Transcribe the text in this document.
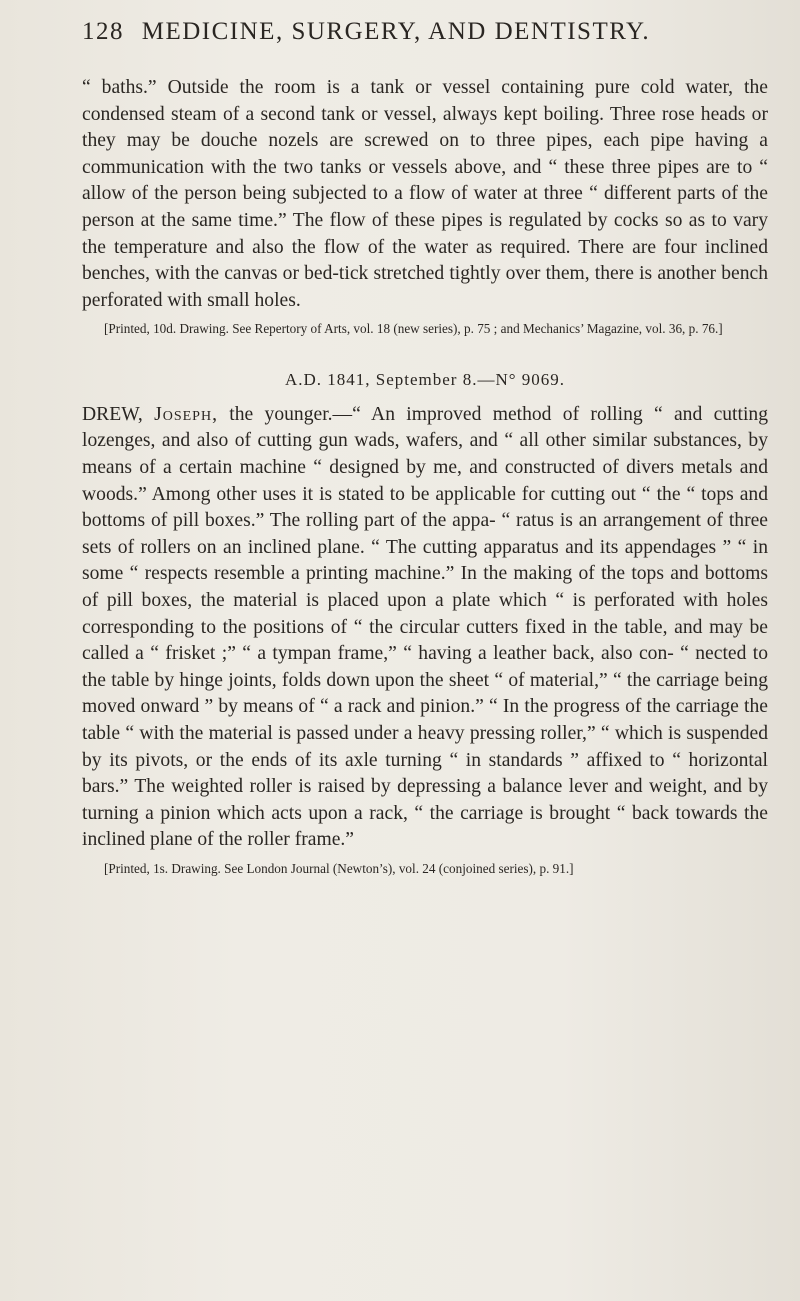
128 MEDICINE, SURGERY, AND DENTISTRY.

“ baths.” Outside the room is a tank or vessel containing pure cold water, the condensed steam of a second tank or vessel, always kept boiling. Three rose heads or they may be douche nozels are screwed on to three pipes, each pipe having a communication with the two tanks or vessels above, and “ these three pipes are to “ allow of the person being subjected to a flow of water at three “ different parts of the person at the same time.” The flow of these pipes is regulated by cocks so as to vary the temperature and also the flow of the water as required. There are four inclined benches, with the canvas or bed-tick stretched tightly over them, there is another bench perforated with small holes.

[Printed, 10d. Drawing. See Repertory of Arts, vol. 18 (new series), p. 75 ; and Mechanics’ Magazine, vol. 36, p. 76.]

A.D. 1841, September 8.—N° 9069.

DREW, Joseph, the younger.—“ An improved method of rolling “ and cutting lozenges, and also of cutting gun wads, wafers, and “ all other similar substances, by means of a certain machine “ designed by me, and constructed of divers metals and woods.” Among other uses it is stated to be applicable for cutting out “ the “ tops and bottoms of pill boxes.” The rolling part of the appa- “ ratus is an arrangement of three sets of rollers on an inclined plane. “ The cutting apparatus and its appendages ” “ in some “ respects resemble a printing machine.” In the making of the tops and bottoms of pill boxes, the material is placed upon a plate which “ is perforated with holes corresponding to the positions of “ the circular cutters fixed in the table, and may be called a “ frisket ;” “ a tympan frame,” “ having a leather back, also con- “ nected to the table by hinge joints, folds down upon the sheet “ of material,” “ the carriage being moved onward ” by means of “ a rack and pinion.” “ In the progress of the carriage the table “ with the material is passed under a heavy pressing roller,” “ which is suspended by its pivots, or the ends of its axle turning “ in standards ” affixed to “ horizontal bars.” The weighted roller is raised by depressing a balance lever and weight, and by turning a pinion which acts upon a rack, “ the carriage is brought “ back towards the inclined plane of the roller frame.”

[Printed, 1s. Drawing. See London Journal (Newton’s), vol. 24 (conjoined series), p. 91.]
